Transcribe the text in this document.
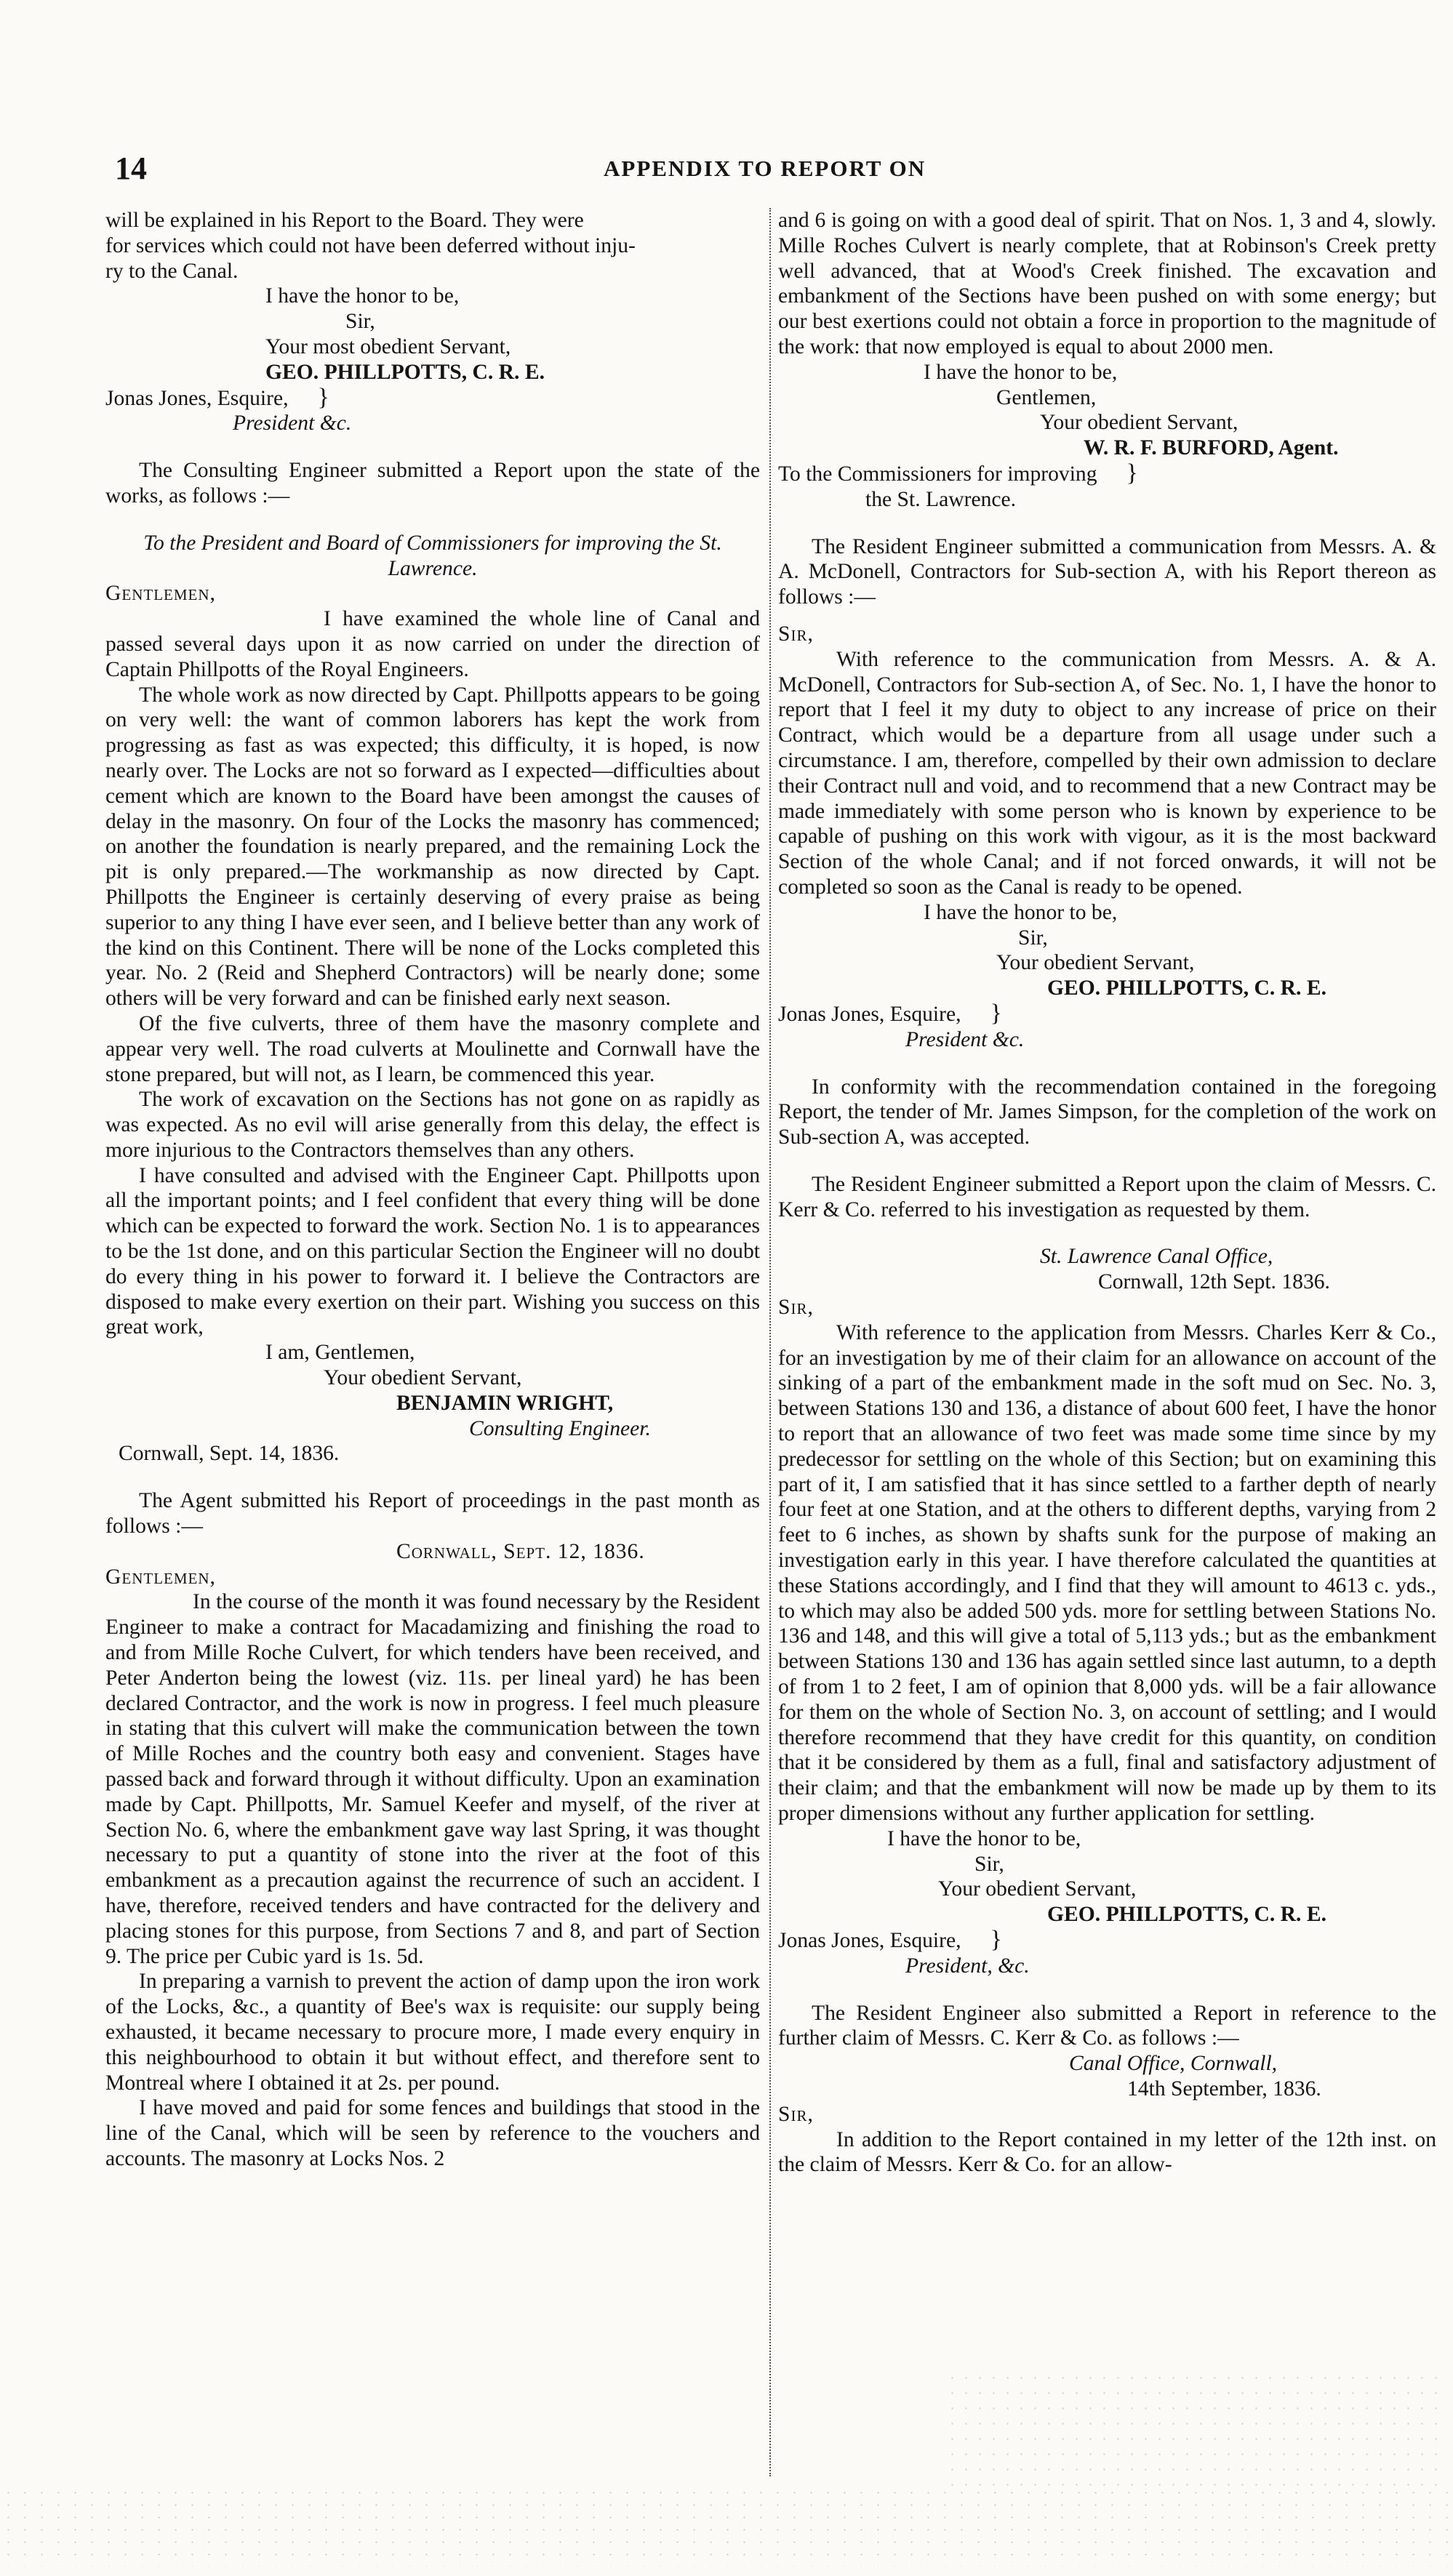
14	APPENDIX TO REPORT ON

will be explained in his Report to the Board. They were

for services which could not have been deferred without inju-

ry to the Canal.

I have the honor to be,

Sir,

Your most obedient Servant,

GEO. PHILLPOTTS, C. R. E.

Jonas Jones, Esquire, }

President &c.

The Consulting Engineer submitted a Report upon the state of the works, as follows :—

To the President and Board of Commissioners for improving the St. Lawrence.

Gentlemen,

I have examined the whole line of Canal and passed several days upon it as now carried on under the direction of Captain Phillpotts of the Royal Engineers.

The whole work as now directed by Capt. Phillpotts appears to be going on very well: the want of common laborers has kept the work from progressing as fast as was expected; this difficulty, it is hoped, is now nearly over. The Locks are not so forward as I expected—difficulties about cement which are known to the Board have been amongst the causes of delay in the masonry. On four of the Locks the masonry has commenced; on another the foundation is nearly prepared, and the remaining Lock the pit is only prepared.—The workmanship as now directed by Capt. Phillpotts the Engineer is certainly deserving of every praise as being superior to any thing I have ever seen, and I believe better than any work of the kind on this Continent. There will be none of the Locks completed this year. No. 2 (Reid and Shepherd Contractors) will be nearly done; some others will be very forward and can be finished early next season.

Of the five culverts, three of them have the masonry complete and appear very well. The road culverts at Moulinette and Cornwall have the stone prepared, but will not, as I learn, be commenced this year.

The work of excavation on the Sections has not gone on as rapidly as was expected. As no evil will arise generally from this delay, the effect is more injurious to the Contractors themselves than any others.

I have consulted and advised with the Engineer Capt. Phillpotts upon all the important points; and I feel confident that every thing will be done which can be expected to forward the work. Section No. 1 is to appearances to be the 1st done, and on this particular Section the Engineer will no doubt do every thing in his power to forward it. I believe the Contractors are disposed to make every exertion on their part. Wishing you success on this great work,

I am, Gentlemen,

Your obedient Servant,

BENJAMIN WRIGHT,

Consulting Engineer.

Cornwall, Sept. 14, 1836.

The Agent submitted his Report of proceedings in the past month as follows :—

Cornwall, Sept. 12, 1836.

Gentlemen,

In the course of the month it was found necessary by the Resident Engineer to make a contract for Macadamizing and finishing the road to and from Mille Roche Culvert, for which tenders have been received, and Peter Anderton being the lowest (viz. 11s. per lineal yard) he has been declared Contractor, and the work is now in progress. I feel much pleasure in stating that this culvert will make the communication between the town of Mille Roches and the country both easy and convenient. Stages have passed back and forward through it without difficulty. Upon an examination made by Capt. Phillpotts, Mr. Samuel Keefer and myself, of the river at Section No. 6, where the embankment gave way last Spring, it was thought necessary to put a quantity of stone into the river at the foot of this embankment as a precaution against the recurrence of such an accident. I have, therefore, received tenders and have contracted for the delivery and placing stones for this purpose, from Sections 7 and 8, and part of Section 9. The price per Cubic yard is 1s. 5d.

In preparing a varnish to prevent the action of damp upon the iron work of the Locks, &c., a quantity of Bee's wax is requisite: our supply being exhausted, it became necessary to procure more, I made every enquiry in this neighbourhood to obtain it but without effect, and therefore sent to Montreal where I obtained it at 2s. per pound.

I have moved and paid for some fences and buildings that stood in the line of the Canal, which will be seen by reference to the vouchers and accounts. The masonry at Locks Nos. 2

and 6 is going on with a good deal of spirit. That on Nos. 1, 3 and 4, slowly. Mille Roches Culvert is nearly complete, that at Robinson's Creek pretty well advanced, that at Wood's Creek finished. The excavation and embankment of the Sections have been pushed on with some energy; but our best exertions could not obtain a force in proportion to the magnitude of the work: that now employed is equal to about 2000 men.

I have the honor to be,

Gentlemen,

Your obedient Servant,

W. R. F. BURFORD, Agent.

To the Commissioners for improving }

the St. Lawrence.

The Resident Engineer submitted a communication from Messrs. A. & A. McDonell, Contractors for Sub-section A, with his Report thereon as follows :—

Sir,

With reference to the communication from Messrs. A. & A. McDonell, Contractors for Sub-section A, of Sec. No. 1, I have the honor to report that I feel it my duty to object to any increase of price on their Contract, which would be a departure from all usage under such a circumstance. I am, therefore, compelled by their own admission to declare their Contract null and void, and to recommend that a new Contract may be made immediately with some person who is known by experience to be capable of pushing on this work with vigour, as it is the most backward Section of the whole Canal; and if not forced onwards, it will not be completed so soon as the Canal is ready to be opened.

I have the honor to be,

Sir,

Your obedient Servant,

GEO. PHILLPOTTS, C. R. E.

Jonas Jones, Esquire, }

President &c.

In conformity with the recommendation contained in the foregoing Report, the tender of Mr. James Simpson, for the completion of the work on Sub-section A, was accepted.

The Resident Engineer submitted a Report upon the claim of Messrs. C. Kerr & Co. referred to his investigation as requested by them.

St. Lawrence Canal Office,

Cornwall, 12th Sept. 1836.

Sir,

With reference to the application from Messrs. Charles Kerr & Co., for an investigation by me of their claim for an allowance on account of the sinking of a part of the embankment made in the soft mud on Sec. No. 3, between Stations 130 and 136, a distance of about 600 feet, I have the honor to report that an allowance of two feet was made some time since by my predecessor for settling on the whole of this Section; but on examining this part of it, I am satisfied that it has since settled to a farther depth of nearly four feet at one Station, and at the others to different depths, varying from 2 feet to 6 inches, as shown by shafts sunk for the purpose of making an investigation early in this year. I have therefore calculated the quantities at these Stations accordingly, and I find that they will amount to 4613 c. yds., to which may also be added 500 yds. more for settling between Stations No. 136 and 148, and this will give a total of 5,113 yds.; but as the embankment between Stations 130 and 136 has again settled since last autumn, to a depth of from 1 to 2 feet, I am of opinion that 8,000 yds. will be a fair allowance for them on the whole of Section No. 3, on account of settling; and I would therefore recommend that they have credit for this quantity, on condition that it be considered by them as a full, final and satisfactory adjustment of their claim; and that the embankment will now be made up by them to its proper dimensions without any further application for settling.

I have the honor to be,

Sir,

Your obedient Servant,

GEO. PHILLPOTTS, C. R. E.

Jonas Jones, Esquire, }

President, &c.

The Resident Engineer also submitted a Report in reference to the further claim of Messrs. C. Kerr & Co. as follows :—

Canal Office, Cornwall,

14th September, 1836.

Sir,

In addition to the Report contained in my letter of the 12th inst. on the claim of Messrs. Kerr & Co. for an allow-
